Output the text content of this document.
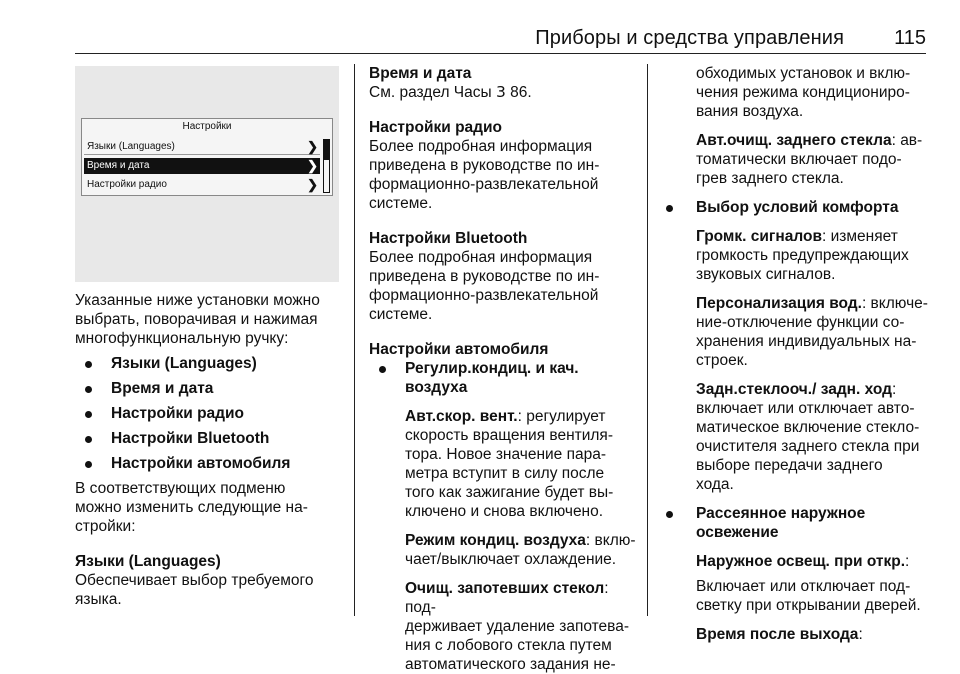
Приборы и средства управления	115
Настройки
Языки (Languages)	❯
Время и дата	❯
Настройки радио	❯

Указанные ниже установки можно

выбрать, поворачивая и нажимая

многофункциональную ручку:

Языки (Languages)

Время и дата

Настройки радио

Настройки Bluetooth

Настройки автомобиля

В соответствующих подменю

можно изменить следующие на-

стройки:

Языки (Languages)

Обеспечивает выбор требуемого

языка.

Время и дата

См. раздел Часы 3 86.

Настройки радио

Более подробная информация

приведена в руководстве по ин-

формационно-развлекательной

системе.

Настройки Bluetooth

Более подробная информация

приведена в руководстве по ин-

формационно-развлекательной

системе.

Настройки автомобиля

Регулир.кондиц. и кач. воздуха

Авт.скор. вент.: регулирует

скорость вращения вентиля-

тора. Новое значение пара-

метра вступит в силу после

того как зажигание будет вы-

ключено и снова включено.

Режим кондиц. воздуха: вклю-

чает/выключает охлаждение.

Очищ. запотевших стекол: под-

держивает удаление запотева-

ния с лобового стекла путем

автоматического задания не-

обходимых установок и вклю-

чения режима кондициониро-

вания воздуха.

Авт.очищ. заднего стекла: ав-

томатически включает подо-

грев заднего стекла.

Выбор условий комфорта

Громк. сигналов: изменяет

громкость предупреждающих

звуковых сигналов.

Персонализация вод.: включе-

ние-отключение функции со-

хранения индивидуальных на-

строек.

Задн.стеклооч./ задн. ход:

включает или отключает авто-

матическое включение стекло-

очистителя заднего стекла при

выборе передачи заднего

хода.

Рассеянное наружное

освежение

Наружное освещ. при откр.:

Включает или отключает под-

светку при открывании дверей.

Время после выхода:
